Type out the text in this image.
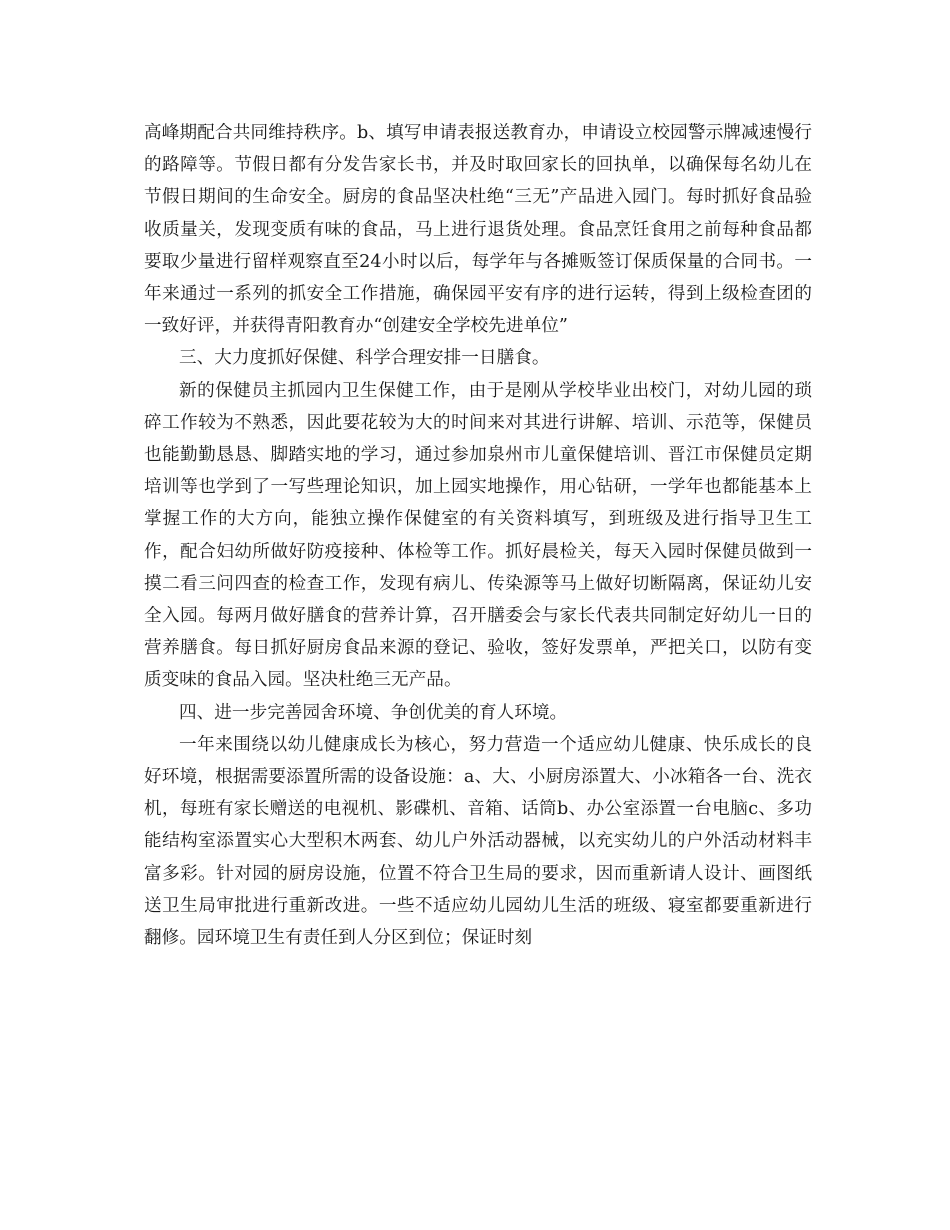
高峰期配合共同维持秩序。b、填写申请表报送教育办，申请设立校园警示牌减速慢行的路障等。节假日都有分发告家长书，并及时取回家长的回执单，以确保每名幼儿在节假日期间的生命安全。厨房的食品坚决杜绝“三无”产品进入园门。每时抓好食品验收质量关，发现变质有味的食品，马上进行退货处理。食品烹饪食用之前每种食品都要取少量进行留样观察直至24小时以后，每学年与各摊贩签订保质保量的合同书。一年来通过一系列的抓安全工作措施，确保园平安有序的进行运转，得到上级检查团的一致好评，并获得青阳教育办“创建安全学校先进单位”

三、大力度抓好保健、科学合理安排一日膳食。

新的保健员主抓园内卫生保健工作，由于是刚从学校毕业出校门，对幼儿园的琐碎工作较为不熟悉，因此要花较为大的时间来对其进行讲解、培训、示范等，保健员也能勤勤恳恳、脚踏实地的学习，通过参加泉州市儿童保健培训、晋江市保健员定期培训等也学到了一写些理论知识，加上园实地操作，用心钻研，一学年也都能基本上掌握工作的大方向，能独立操作保健室的有关资料填写，到班级及进行指导卫生工作，配合妇幼所做好防疫接种、体检等工作。抓好晨检关，每天入园时保健员做到一摸二看三问四查的检查工作，发现有病儿、传染源等马上做好切断隔离，保证幼儿安全入园。每两月做好膳食的营养计算，召开膳委会与家长代表共同制定好幼儿一日的营养膳食。每日抓好厨房食品来源的登记、验收，签好发票单，严把关口，以防有变质变味的食品入园。坚决杜绝三无产品。

四、进一步完善园舍环境、争创优美的育人环境。

一年来围绕以幼儿健康成长为核心，努力营造一个适应幼儿健康、快乐成长的良好环境，根据需要添置所需的设备设施：a、大、小厨房添置大、小冰箱各一台、洗衣机，每班有家长赠送的电视机、影碟机、音箱、话筒b、办公室添置一台电脑c、多功能结构室添置实心大型积木两套、幼儿户外活动器械，以充实幼儿的户外活动材料丰富多彩。针对园的厨房设施，位置不符合卫生局的要求，因而重新请人设计、画图纸送卫生局审批进行重新改进。一些不适应幼儿园幼儿生活的班级、寝室都要重新进行翻修。园环境卫生有责任到人分区到位；保证时刻
